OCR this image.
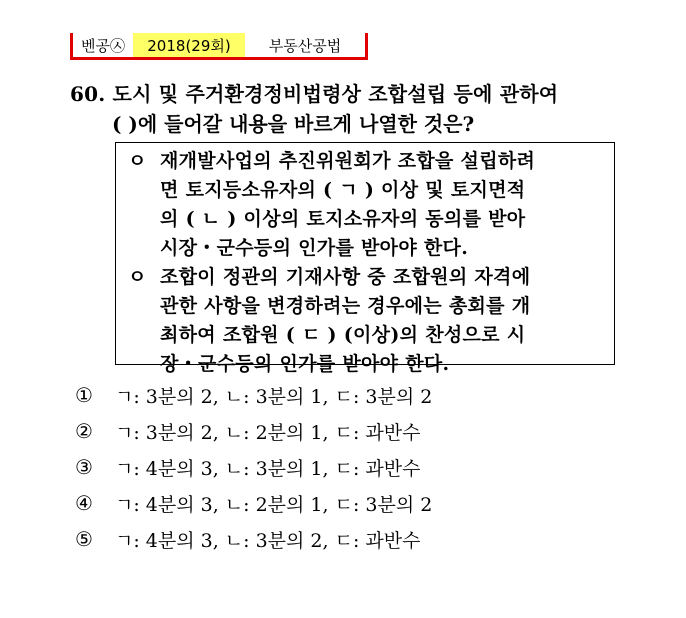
벤공㉦	2018(29회)	부동산공법
60. 도시 및 주거환경정비법령상 조합설립 등에 관하여
( )에 들어갈 내용을 바르게 나열한 것은?
ㅇ 재개발사업의 추진위원회가 조합을 설립하려
면 토지등소유자의 ( ㄱ ) 이상 및 토지면적
의 ( ㄴ ) 이상의 토지소유자의 동의를 받아
시장・군수등의 인가를 받아야 한다.
ㅇ 조합이 정관의 기재사항 중 조합원의 자격에
관한 사항을 변경하려는 경우에는 총회를 개
최하여 조합원 ( ㄷ ) (이상)의 찬성으로 시
장・군수등의 인가를 받아야 한다.
①	ㄱ: 3분의 2, ㄴ: 3분의 1, ㄷ: 3분의 2
②	ㄱ: 3분의 2, ㄴ: 2분의 1, ㄷ: 과반수
③	ㄱ: 4분의 3, ㄴ: 3분의 1, ㄷ: 과반수
④	ㄱ: 4분의 3, ㄴ: 2분의 1, ㄷ: 3분의 2
⑤	ㄱ: 4분의 3, ㄴ: 3분의 2, ㄷ: 과반수
